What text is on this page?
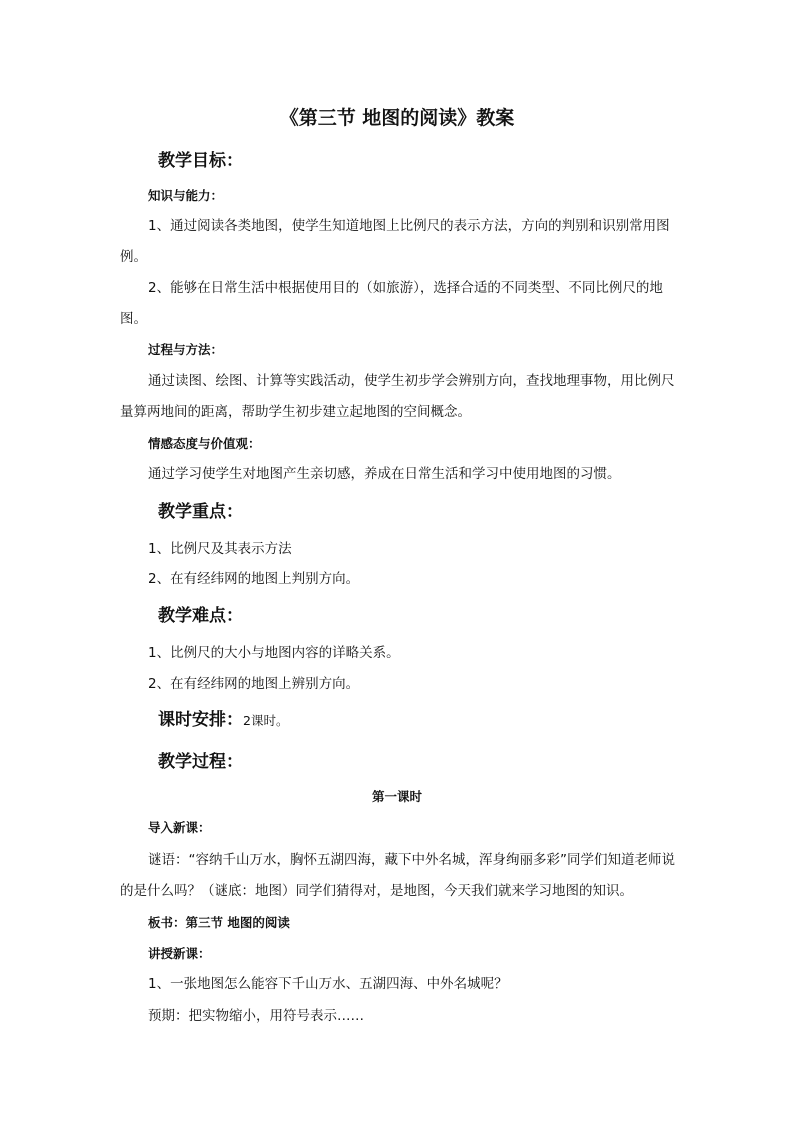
《第三节 地图的阅读》教案
教学目标：
知识与能力：

1、通过阅读各类地图，使学生知道地图上比例尺的表示方法，方向的判别和识别常用图例。

2、能够在日常生活中根据使用目的（如旅游），选择合适的不同类型、不同比例尺的地图。

过程与方法：

通过读图、绘图、计算等实践活动，使学生初步学会辨别方向，查找地理事物，用比例尺量算两地间的距离，帮助学生初步建立起地图的空间概念。

情感态度与价值观：

通过学习使学生对地图产生亲切感，养成在日常生活和学习中使用地图的习惯。

教学重点：

1、比例尺及其表示方法

2、在有经纬网的地图上判别方向。

教学难点：

1、比例尺的大小与地图内容的详略关系。

2、在有经纬网的地图上辨别方向。

课时安排：2课时。
教学过程：

第一课时

导入新课：

谜语：“容纳千山万水，胸怀五湖四海，藏下中外名城，浑身绚丽多彩”同学们知道老师说的是什么吗？（谜底：地图）同学们猜得对，是地图，今天我们就来学习地图的知识。

板书：第三节 地图的阅读
讲授新课：

1、一张地图怎么能容下千山万水、五湖四海、中外名城呢？

预期：把实物缩小，用符号表示……
